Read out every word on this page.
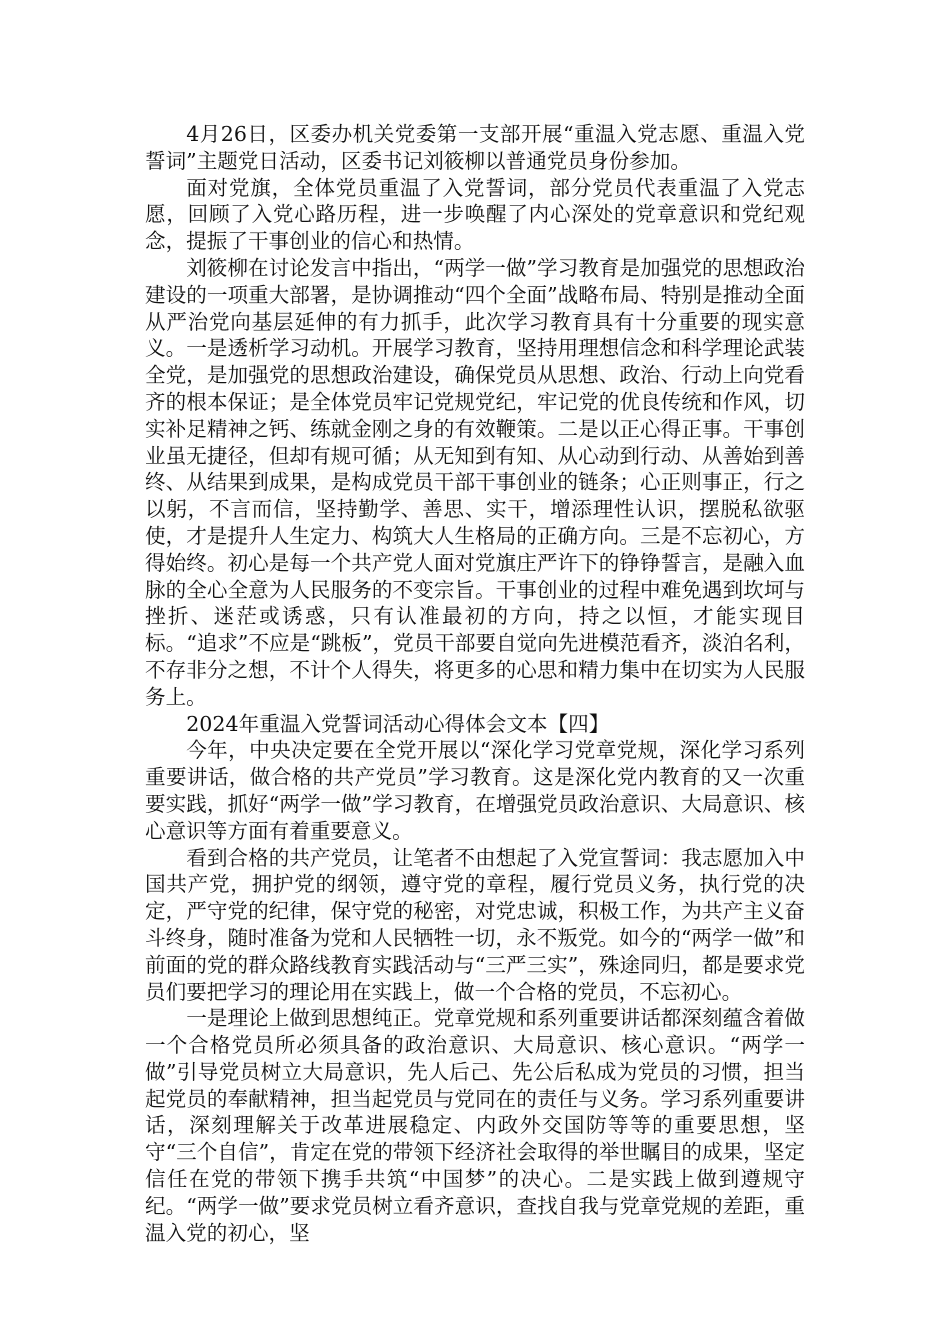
4月26日，区委办机关党委第一支部开展“重温入党志愿、重温入党誓词”主题党日活动，区委书记刘筱柳以普通党员身份参加。

面对党旗，全体党员重温了入党誓词，部分党员代表重温了入党志愿，回顾了入党心路历程，进一步唤醒了内心深处的党章意识和党纪观念，提振了干事创业的信心和热情。

刘筱柳在讨论发言中指出，“两学一做”学习教育是加强党的思想政治建设的一项重大部署，是协调推动“四个全面”战略布局、特别是推动全面从严治党向基层延伸的有力抓手，此次学习教育具有十分重要的现实意义。一是透析学习动机。开展学习教育，坚持用理想信念和科学理论武装全党，是加强党的思想政治建设，确保党员从思想、政治、行动上向党看齐的根本保证；是全体党员牢记党规党纪，牢记党的优良传统和作风，切实补足精神之钙、练就金刚之身的有效鞭策。二是以正心得正事。干事创业虽无捷径，但却有规可循；从无知到有知、从心动到行动、从善始到善终、从结果到成果，是构成党员干部干事创业的链条；心正则事正，行之以躬，不言而信，坚持勤学、善思、实干，增添理性认识，摆脱私欲驱使，才是提升人生定力、构筑大人生格局的正确方向。三是不忘初心，方得始终。初心是每一个共产党人面对党旗庄严许下的铮铮誓言，是融入血脉的全心全意为人民服务的不变宗旨。干事创业的过程中难免遇到坎坷与挫折、迷茫或诱惑，只有认准最初的方向，持之以恒，才能实现目标。“追求”不应是“跳板”，党员干部要自觉向先进模范看齐，淡泊名利，不存非分之想，不计个人得失，将更多的心思和精力集中在切实为人民服务上。

2024年重温入党誓词活动心得体会文本【四】

今年，中央决定要在全党开展以“深化学习党章党规，深化学习系列重要讲话，做合格的共产党员”学习教育。这是深化党内教育的又一次重要实践，抓好“两学一做”学习教育，在增强党员政治意识、大局意识、核心意识等方面有着重要意义。

看到合格的共产党员，让笔者不由想起了入党宣誓词：我志愿加入中国共产党，拥护党的纲领，遵守党的章程，履行党员义务，执行党的决定，严守党的纪律，保守党的秘密，对党忠诚，积极工作，为共产主义奋斗终身，随时准备为党和人民牺牲一切，永不叛党。如今的“两学一做”和前面的党的群众路线教育实践活动与“三严三实”，殊途同归，都是要求党员们要把学习的理论用在实践上，做一个合格的党员，不忘初心。

一是理论上做到思想纯正。党章党规和系列重要讲话都深刻蕴含着做一个合格党员所必须具备的政治意识、大局意识、核心意识。“两学一做”引导党员树立大局意识，先人后己、先公后私成为党员的习惯，担当起党员的奉献精神，担当起党员与党同在的责任与义务。学习系列重要讲话，深刻理解关于改革进展稳定、内政外交国防等等的重要思想，坚守“三个自信”，肯定在党的带领下经济社会取得的举世瞩目的成果，坚定信任在党的带领下携手共筑“中国梦”的决心。二是实践上做到遵规守纪。“两学一做”要求党员树立看齐意识，查找自我与党章党规的差距，重温入党的初心，坚
